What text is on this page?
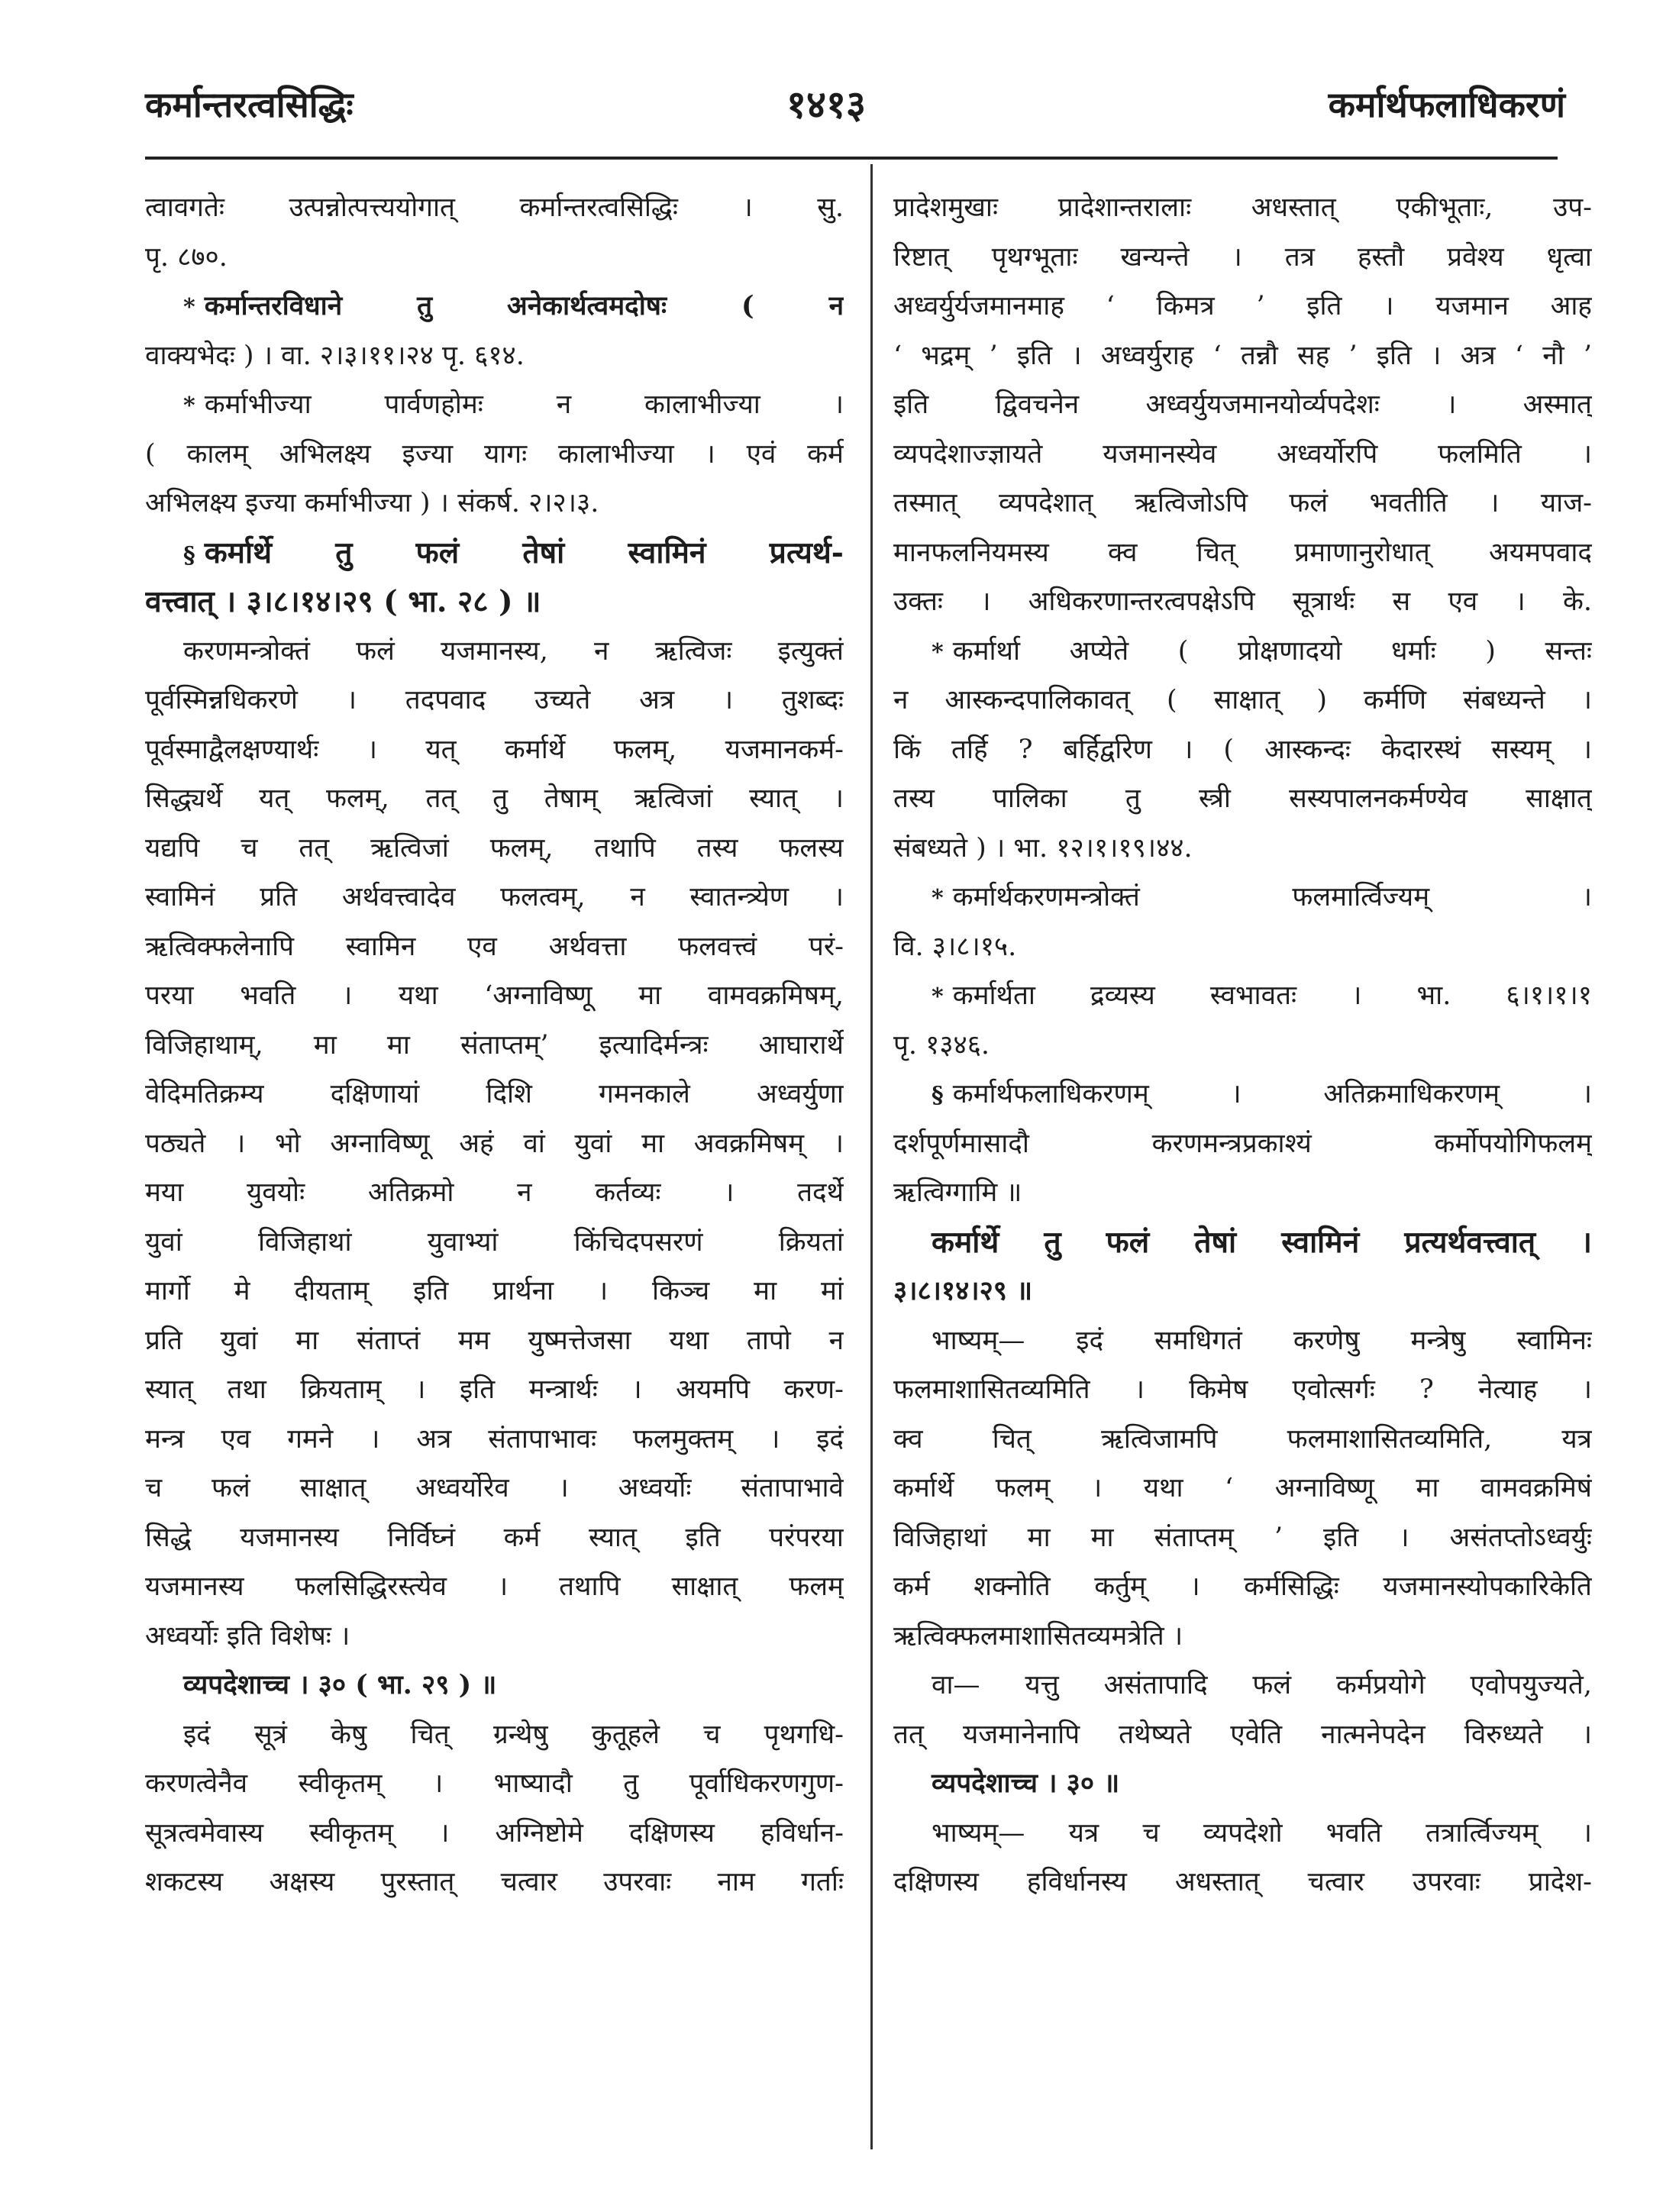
कर्मान्तरत्वसिद्धिः	१४१३	कर्मार्थफलाधिकरणं
त्वावगतेः उत्पन्नोत्पत्त्ययोगात् कर्मान्तरत्वसिद्धिः । सु.
पृ. ८७०.
* कर्मान्तरविधाने तु अनेकार्थत्वमदोषः ( न
वाक्यभेदः ) । वा. २।३।११।२४ पृ. ६१४.
* कर्माभीज्या पार्वणहोमः न कालाभीज्या ।
( कालम् अभिलक्ष्य इज्या यागः कालाभीज्या । एवं कर्म
अभिलक्ष्य इज्या कर्माभीज्या ) । संकर्ष. २।२।३.
§ कर्मार्थे तु फलं तेषां स्वामिनं प्रत्यर्थ-
वत्त्वात् । ३।८।१४।२९ ( भा. २८ ) ॥
करणमन्त्रोक्तं फलं यजमानस्य, न ऋत्विजः इत्युक्तं
पूर्वस्मिन्नधिकरणे । तदपवाद उच्यते अत्र । तुशब्दः
पूर्वस्माद्वैलक्षण्यार्थः । यत् कर्मार्थे फलम्, यजमानकर्म-
सिद्ध्यर्थे यत् फलम्, तत् तु तेषाम् ऋत्विजां स्यात् ।
यद्यपि च तत् ऋत्विजां फलम्, तथापि तस्य फलस्य
स्वामिनं प्रति अर्थवत्त्वादेव फलत्वम्, न स्वातन्त्र्येण ।
ऋत्विक्फलेनापि स्वामिन एव अर्थवत्ता फलवत्त्वं परं-
परया भवति । यथा ‘अग्नाविष्णू मा वामवक्रमिषम्,
विजिहाथाम्, मा मा संताप्तम्’ इत्यादिर्मन्त्रः आघारार्थे
वेदिमतिक्रम्य दक्षिणायां दिशि गमनकाले अध्वर्युणा
पठ्यते । भो अग्नाविष्णू अहं वां युवां मा अवक्रमिषम् ।
मया युवयोः अतिक्रमो न कर्तव्यः । तदर्थे
युवां विजिहाथां युवाभ्यां किंचिदपसरणं क्रियतां
मार्गो मे दीयताम् इति प्रार्थना । किञ्च मा मां
प्रति युवां मा संताप्तं मम युष्मत्तेजसा यथा तापो न
स्यात् तथा क्रियताम् । इति मन्त्रार्थः । अयमपि करण-
मन्त्र एव गमने । अत्र संतापाभावः फलमुक्तम् । इदं
च फलं साक्षात् अध्वर्योरेव । अध्वर्योः संतापाभावे
सिद्धे यजमानस्य निर्विघ्नं कर्म स्यात् इति परंपरया
यजमानस्य फलसिद्धिरस्त्येव । तथापि साक्षात् फलम्
अध्वर्योः इति विशेषः ।
व्यपदेशाच्च । ३० ( भा. २९ ) ॥
इदं सूत्रं केषु चित् ग्रन्थेषु कुतूहले च पृथगधि-
करणत्वेनैव स्वीकृतम् । भाष्यादौ तु पूर्वाधिकरणगुण-
सूत्रत्वमेवास्य स्वीकृतम् । अग्निष्टोमे दक्षिणस्य हविर्धान-
शकटस्य अक्षस्य पुरस्तात् चत्वार उपरवाः नाम गर्ताः
प्रादेशमुखाः प्रादेशान्तरालाः अधस्तात् एकीभूताः, उप-
रिष्टात् पृथग्भूताः खन्यन्ते । तत्र हस्तौ प्रवेश्य धृत्वा
अध्वर्युर्यजमानमाह ‘ किमत्र ’ इति । यजमान आह
‘ भद्रम् ’ इति । अध्वर्युराह ‘ तन्नौ सह ’ इति । अत्र ‘ नौ ’
इति द्विवचनेन अध्वर्युयजमानयोर्व्यपदेशः । अस्मात्
व्यपदेशाज्ज्ञायते यजमानस्येव अध्वर्योरपि फलमिति ।
तस्मात् व्यपदेशात् ऋत्विजोऽपि फलं भवतीति । याज-
मानफलनियमस्य क्व चित् प्रमाणानुरोधात् अयमपवाद
उक्तः । अधिकरणान्तरत्वपक्षेऽपि सूत्रार्थः स एव । के.
* कर्मार्था अप्येते ( प्रोक्षणादयो धर्माः ) सन्तः
न आस्कन्दपालिकावत् ( साक्षात् ) कर्मणि संबध्यन्ते ।
किं तर्हि ? बर्हिर्द्वारेण । ( आस्कन्दः केदारस्थं सस्यम् ।
तस्य पालिका तु स्त्री सस्यपालनकर्मण्येव साक्षात्
संबध्यते ) । भा. १२।१।१९।४४.
* कर्मार्थकरणमन्त्रोक्तं फलमार्त्विज्यम् ।
वि. ३।८।१५.
* कर्मार्थता द्रव्यस्य स्वभावतः । भा. ६।१।१।१
पृ. १३४६.
§ कर्मार्थफलाधिकरणम् । अतिक्रमाधिकरणम् ।
दर्शपूर्णमासादौ करणमन्त्रप्रकाश्यं कर्मोपयोगिफलम्
ऋत्विग्गामि ॥
कर्मार्थे तु फलं तेषां स्वामिनं प्रत्यर्थवत्त्वात् ।
३।८।१४।२९ ॥
भाष्यम्— इदं समधिगतं करणेषु मन्त्रेषु स्वामिनः
फलमाशासितव्यमिति । किमेष एवोत्सर्गः ? नेत्याह ।
क्व चित् ऋत्विजामपि फलमाशासितव्यमिति, यत्र
कर्मार्थे फलम् । यथा ‘ अग्नाविष्णू मा वामवक्रमिषं
विजिहाथां मा मा संताप्तम् ’ इति । असंतप्तोऽध्वर्युः
कर्म शक्नोति कर्तुम् । कर्मसिद्धिः यजमानस्योपकारिकेति
ऋत्विक्फलमाशासितव्यमत्रेति ।
वा— यत्तु असंतापादि फलं कर्मप्रयोगे एवोपयुज्यते,
तत् यजमानेनापि तथेष्यते एवेति नात्मनेपदेन विरुध्यते ।
व्यपदेशाच्च । ३० ॥
भाष्यम्— यत्र च व्यपदेशो भवति तत्रार्त्विज्यम् ।
दक्षिणस्य हविर्धानस्य अधस्तात् चत्वार उपरवाः प्रादेश-
